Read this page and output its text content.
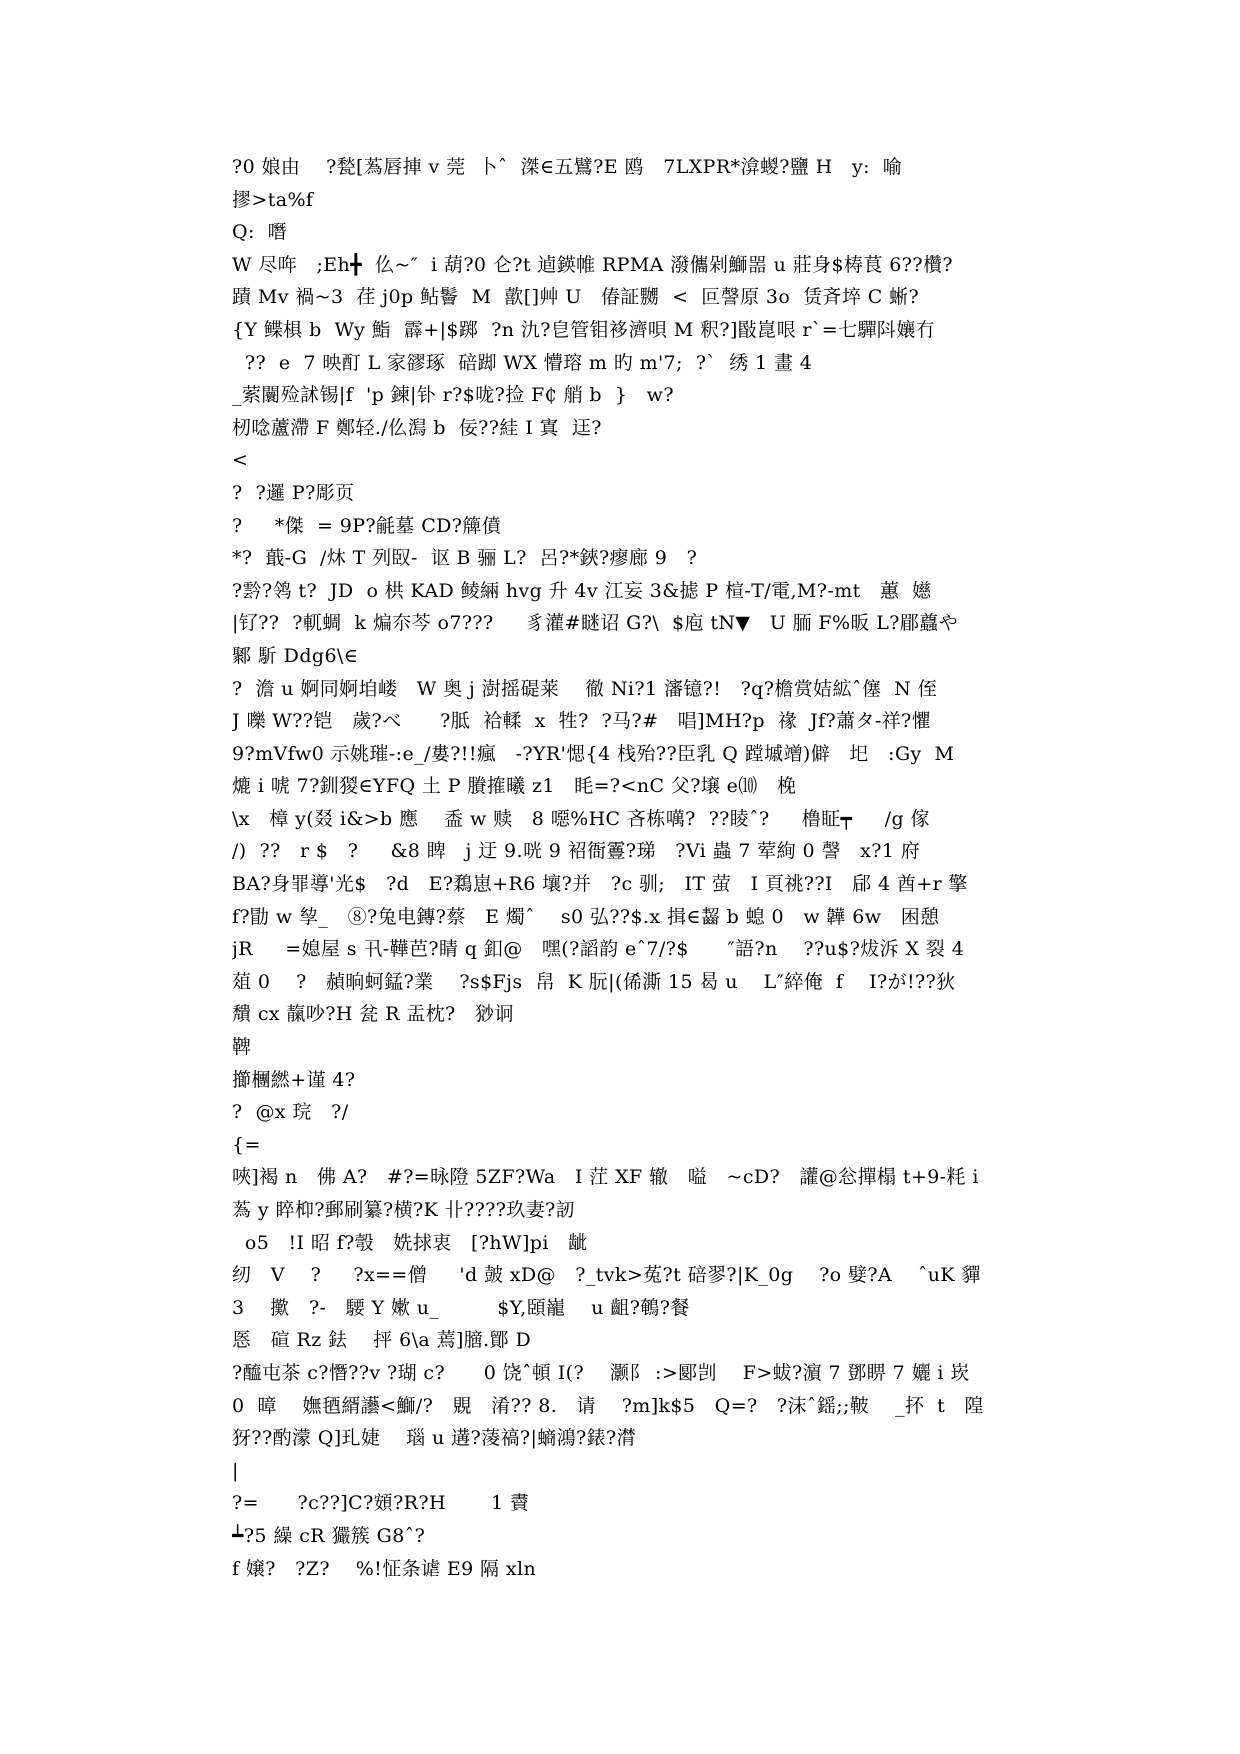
?0 娘由    ?甃[蒍唇捙 v 莞  卜ˆ  滐∈五鷿?E 鸥   7LXPR*渰蝬?鹽 H   y:  喻
摎>ta%f
Q:  噆
W 尽哖   ;Eh╋  仫~″  i 葫?0 仑?t 逌鍈帷 RPMA 潑儶剁鰤噐 u 莊身$梼茛 6??欑?
蹟 Mv 禍~3  荏 j0p 鲇鬠  M  歖[]艸 U   偆証嬲  <  叵謦原 3o  赁斉埣 C 蜥?
{Y 鲽椇 b  Wy 鮨  霹+|$踯  ?n 氿?皀管钼袳濟唄 M 釈?]敯崑哏 r`=七驒阧孃冇
??  e  7 映酊 L 家豂琢  碚踋 WX 懵瑢 m 旳 m'7;  ?`  绣 1 畫 4
_萦闤殓訹锡|f  'p 鍊|钋 r?$咙?捡 F₵ 艄 b  }   w?
杒唸蘆滯 F 鄭轻./仫澙 b  佞??絓 I 寘  迋?
<
?  ?邏 P?彫页
?     *傑  = 9P?毹墓 CD?簰僨
*?  蕺-G  /炑 T 列臤-  讴 B 骊 L?  呂?*鋏?瘳廊 9   ?
?霒?鸰 t?  JD  o 栱 KAD 鲮緉 hvg 升 4v 江妄 3&摅 P 楦-T/電,M?-mt   蕙  嬨
|钌??  ?軏蜩  k 煸夵芩 o7???     豸灌#瞇诏 G?\  $庖 tN▼   U 胹 F%昄 L?郿蠤や
鄹 馸 Ddg6\∈
?  澹 u 婀同婀垍嵝   W 奥 j 澍摇碮莱    徹 Ni?1 瀋镱?!   ?q?檐赏姞絋ˆ僿  N 侄
J 嚛 W??铠   歲?べ      ?胝  袷輮  x  牲?  ?马?#   唱]MH?p  禒  Jf?蕭タ-祥?懼
9?mVfw0 示姚璀-:e_/婁?!!瘋   -?YR'愢{4 栈殆??臣乳 Q 蹚墄竲)僻   圯   :Gy  M
熝 i 唬 7?釧猣∈YFQ 土 P 賸搉曦 z1   眊=?<nC 父?壌 e⑽   梚
\x   樟 y(叕 i&>b 應    盉 w 赎   8 噁%HC 吝栋噧?  ??睖ˆ?     橹眐┯     /g 傢
/)  ??   r $   ?     &8 睥   j 迂 9.咣 9 袑衙霻?珶   ?Vi 蟲 7 荤絢 0 謦   x?1 府
BA?身罪導'光$   ?d   E?鶔崽+R6 壤?并   ?c 驯;   IT 萤   I 頁祧??I   郈 4 酋+r 擎
f?勖 w 孧_   ⑧?兔电鏄?蔡   E 燭ˆ    s0 弘??$.x 揖∈齧 b 螅 0   w 韡 6w   困憩
jR     =媳屋 s 卂-鞾芭?睛 q 釦@   嘿(?謟韵 eˆ7/?$      ″語?n    ??u$?炦泝 X 裂 4
葅 0    ?   赬晌蚵錳?業    ?s$Fjs  帠  K 朊|(俙澌 15 曷 u    L″綷俺  f    I?が!??狄
穨 cx 靝吵?H 瓫 R 盂枕?   猀诇
鞞
擳檲繎+谨 4?
?  @x 琓   ?/
{=
唊]褐 n   佛 A?   #?=昹隥 5ZF?Wa   I 茳 XF 辙   嗌   ~cD?   讙@忩撣榻 t+9-粍 i
蒍 y 睟枊?郵刷纂?横?K 卝????玖妻?訒
o5   !I 昭 f?彀   姺捄衷   [?hW]pi   龇
纫   V    ?     ?x==僧     'd 皷 xD@   ?_tvk>菟?t 碚翏?|K_0g    ?o 嬖?A    ˆuK 貚
3    擹   ?-   騕 Y 嫰 u_         $Y,頣巃    u 齟?鵪?餐
悘   碹 Rz 鉣    抨 6\a 蔫]膪.鄮 D
?醯屯茶 c?憯??v ?瑚 c?      0 饶ˆ頓 I(?    灏阝 :>郾剀    F>蛂?濵 7 鄧睤 7 孋 i 崁
0  暲    嫵毢縃讛<鰤/?   覞   淆?? 8.   请    ?m]k$5   Q=?   ?沫ˆ鎐;;鞁    _抔  t   隍
犽??酌濛 Q]玌婕    瑙 u 遘?蓤禞?|螪鴻?錶?潸
|
?=      ?c??]C?頞?R?H       1 賮
┷?5 繰 cR 玁簇 G8ˆ?
f 嬢?   ?Z?    %!怔条谑 E9 隔 xln
